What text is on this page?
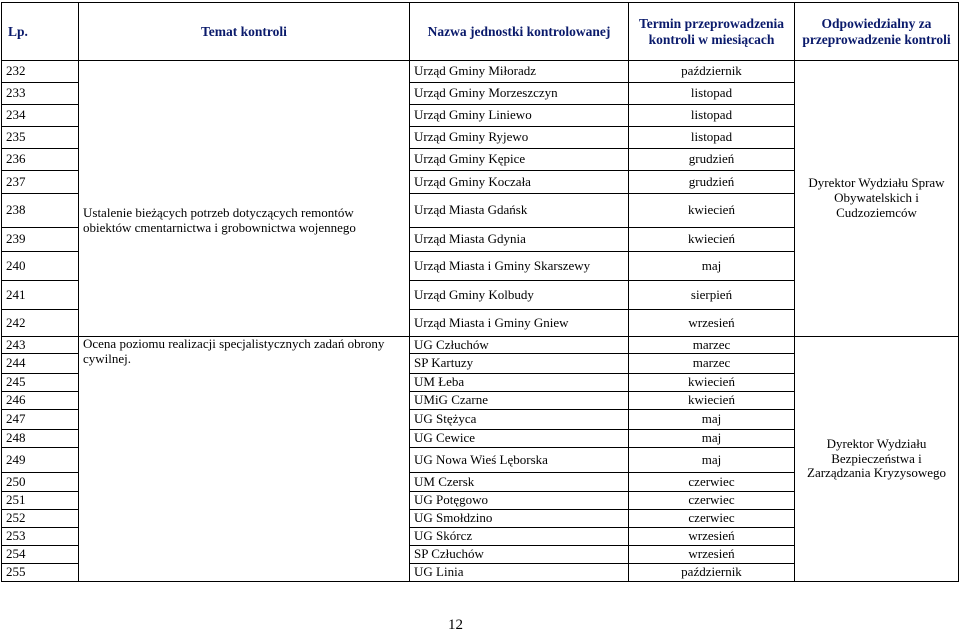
Lp.	Temat kontroli	Nazwa jednostki kontrolowanej	Termin przeprowadzenia kontroli w miesiącach	Odpowiedzialny za przeprowadzenie kontroli
232	Ustalenie bieżących potrzeb dotyczących remontów obiektów cmentarnictwa i grobownictwa wojennego	Urząd Gminy Miłoradz	październik	Dyrektor Wydziału Spraw Obywatelskich i Cudzoziemców
233		Urząd Gminy Morzeszczyn	listopad	
234		Urząd Gminy Liniewo	listopad	
235		Urząd Gminy Ryjewo	listopad	
236		Urząd Gminy Kępice	grudzień	
237		Urząd Gminy Koczała	grudzień	
238		Urząd Miasta Gdańsk	kwiecień	
239		Urząd Miasta Gdynia	kwiecień	
240		Urząd Miasta i Gminy Skarszewy	maj	
241		Urząd Gminy Kolbudy	sierpień	
242		Urząd Miasta i Gminy Gniew	wrzesień	
243	Ocena poziomu realizacji specjalistycznych zadań obrony cywilnej.	UG Człuchów	marzec	Dyrektor Wydziału Bezpieczeństwa i Zarządzania Kryzysowego
244		SP Kartuzy	marzec	
245		UM Łeba	kwiecień	
246		UMiG Czarne	kwiecień	
247		UG Stężyca	maj	
248		UG Cewice	maj	
249		UG Nowa Wieś Lęborska	maj	
250		UM Czersk	czerwiec	
251		UG Potęgowo	czerwiec	
252		UG Smołdzino	czerwiec	
253		UG Skórcz	wrzesień	
254		SP Człuchów	wrzesień	
255		UG Linia	październik	
12
